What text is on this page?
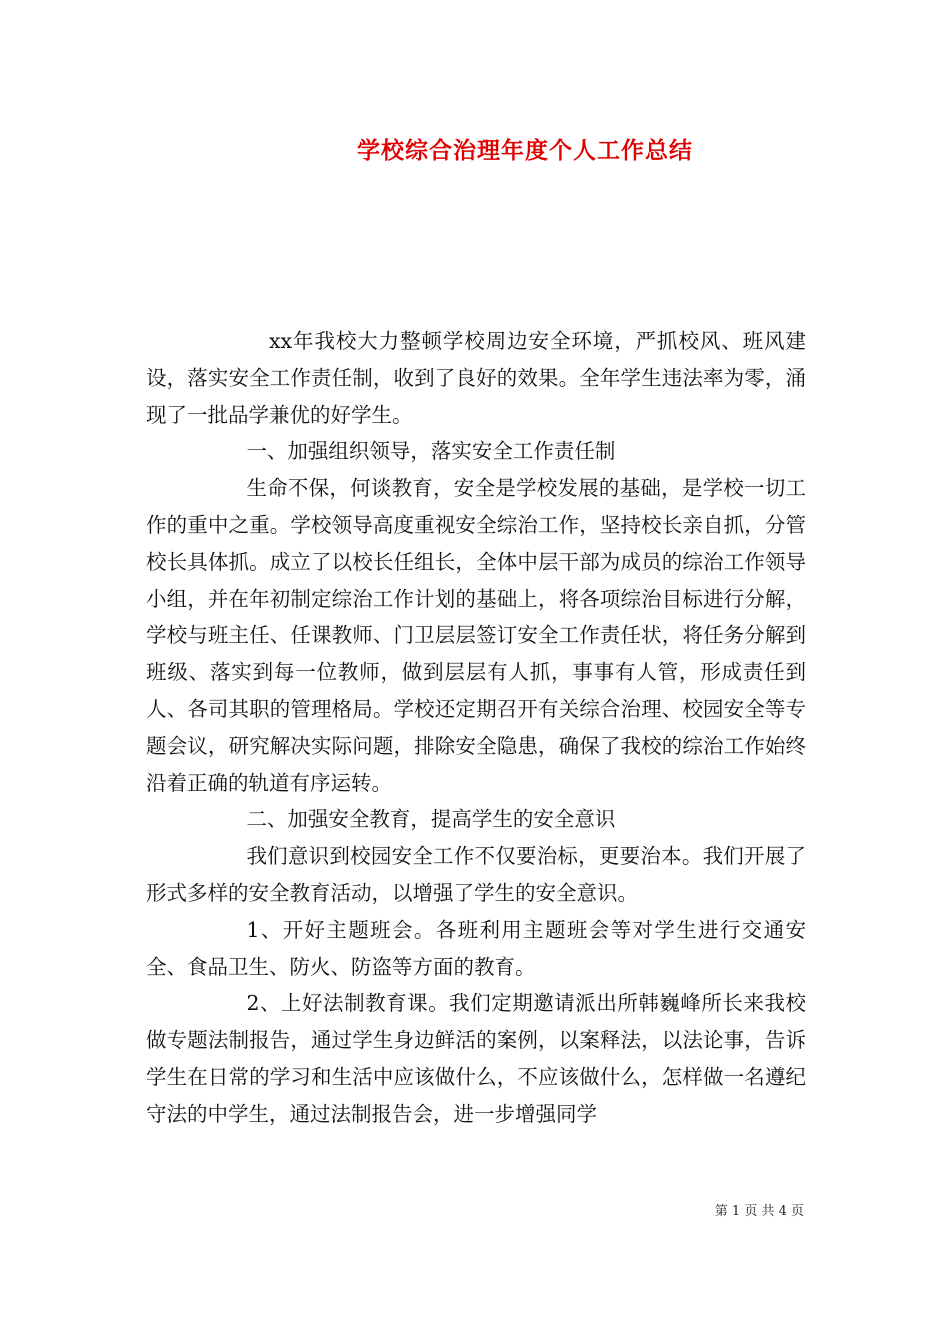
学校综合治理年度个人工作总结

xx年我校大力整顿学校周边安全环境，严抓校风、班风建设，落实安全工作责任制，收到了良好的效果。全年学生违法率为零，涌现了一批品学兼优的好学生。

一、加强组织领导，落实安全工作责任制

生命不保，何谈教育，安全是学校发展的基础，是学校一切工作的重中之重。学校领导高度重视安全综治工作，坚持校长亲自抓，分管校长具体抓。成立了以校长任组长，全体中层干部为成员的综治工作领导小组，并在年初制定综治工作计划的基础上，将各项综治目标进行分解，学校与班主任、任课教师、门卫层层签订安全工作责任状，将任务分解到班级、落实到每一位教师，做到层层有人抓，事事有人管，形成责任到人、各司其职的管理格局。学校还定期召开有关综合治理、校园安全等专题会议，研究解决实际问题，排除安全隐患，确保了我校的综治工作始终沿着正确的轨道有序运转。

二、加强安全教育，提高学生的安全意识

我们意识到校园安全工作不仅要治标，更要治本。我们开展了形式多样的安全教育活动，以增强了学生的安全意识。

1、开好主题班会。各班利用主题班会等对学生进行交通安全、食品卫生、防火、防盗等方面的教育。

2、上好法制教育课。我们定期邀请派出所韩巍峰所长来我校做专题法制报告，通过学生身边鲜活的案例，以案释法，以法论事，告诉学生在日常的学习和生活中应该做什么，不应该做什么，怎样做一名遵纪守法的中学生，通过法制报告会，进一步增强同学

第 1 页 共 4 页
